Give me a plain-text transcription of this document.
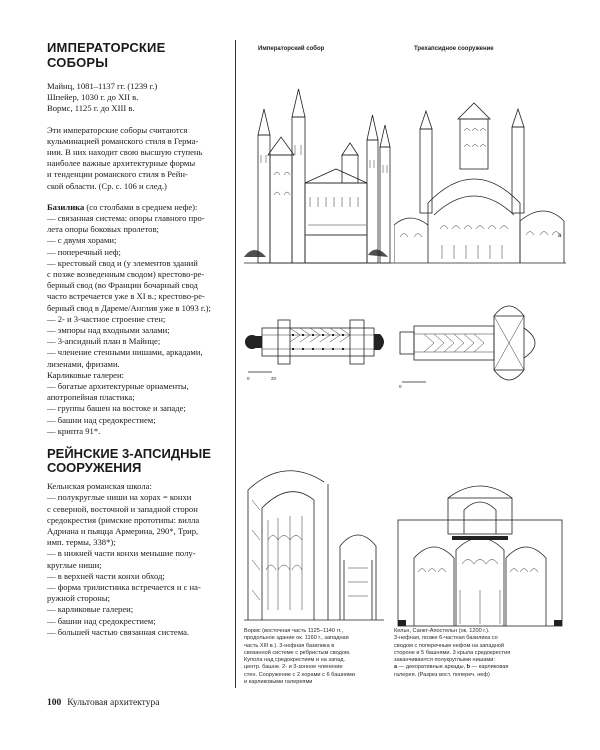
ИМПЕРАТОРСКИЕ СОБОРЫ
Майнц, 1081–1137 гг. (1239 г.)
Шпейер, 1030 г. до XII в.
Вормс, 1125 г. до XIII в.
Эти императорские соборы считаются
кульминацией романского стиля в Герма-
нии. В них находит свою высшую ступень
наиболее важные архитектурные формы
и тенденции романского стиля в Рейн-
ской области. (Ср. с. 106 и след.)
Базилика (со столбами в среднем нефе):
— связанная система: опоры главного про-
лета опоры боковых пролетов;
— с двумя хорами;
— поперечный неф;
— крестовый свод и (у элементов зданий
с позже возведенным сводом) крестово-ре-
берный свод (во Франции бочарный свод
часто встречается уже в XI в.; крестово-ре-
берный свод в Дареме/Англия уже в 1093 г.);
— 2- и 3-частное строение стен;
— эмпоры над входными залами;
— 3-апсидный план в Майнце;
— членение стенными нишами, аркадами,
лизенами, фризами.
Карликовые галереи:
— богатые архитектурные орнаменты,
апотропейная пластика;
— группы башен на востоке и западе;
— башни над средокрестием;
— крипта 91*.
РЕЙНСКИЕ 3-АПСИДНЫЕ
СООРУЖЕНИЯ
Кельнская романская школа:
— полукруглые ниши на хорах = конхи
с северной, восточной и западной сторон
средокрестия (римские прототипы: вилла
Адриана и пьяцца Армерина, 290*, Трир,
имп. термы, 338*);
— в нижней части конхи меньшие полу-
круглые ниши;
— в верхней части конхи обход;
— форма трилистника встречается и с на-
ружной стороны;
— карликовые галереи;
— башни над средокрестием;
— большей частью связанная система.
Императорский собор	Трехапсидное сооружение
a
0	20
0
Вормс (восточная часть 1125–1140 гг.,
продольное здание ок. 1160 г., западная
часть XIII в.). 3-нефная базилика в
связанной системе с ребристым сводом.
Купола над средокрестием и на запад.
центр. башне. 2- и 3-зонное членение
стен. Сооружение с 2 хорами с 6 башнями
и карликовыми галереями
Кельн, Санкт-Апостельн (ок. 1200 г.).
3-нефная, позже 6-частная базилика со
сводом с поперечным нефом на западной
стороне и 5 башнями. 3 крыла средокрестия
заканчиваются полукруглыми нишами:
а — декоративные аркады, b — карликовая
галерея. (Разрез вост. попереч. неф)
100 Культовая архитектура
